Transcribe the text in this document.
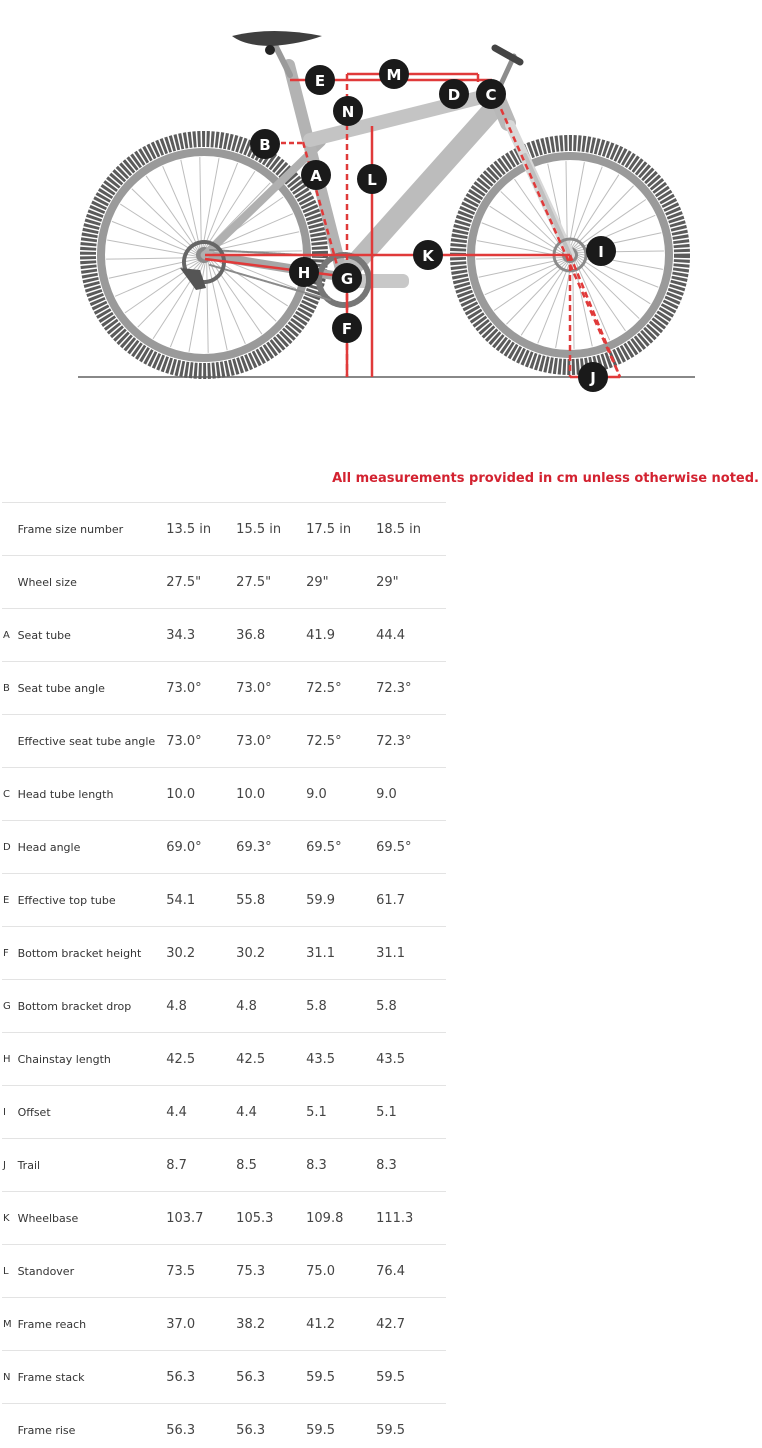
A
B
C
D
E
F
G
H
I
J
K
L
M
N
All measurements provided in cm unless otherwise noted.
Frame size number	13.5 in	15.5 in	17.5 in	18.5 in
Wheel size	27.5"	27.5"	29"	29"
A Seat tube	34.3	36.8	41.9	44.4
B Seat tube angle	73.0°	73.0°	72.5°	72.3°
Effective seat tube angle 73.0°	73.0°	72.5°	72.3°
C Head tube length	10.0	10.0	9.0	9.0
D Head angle	69.0°	69.3°	69.5°	69.5°
E Effective top tube	54.1	55.8	59.9	61.7
F Bottom bracket height	30.2	30.2	31.1	31.1
G Bottom bracket drop	4.8	4.8	5.8	5.8
H Chainstay length	42.5	42.5	43.5	43.5
I	Offset	4.4	4.4	5.1	5.1
J	Trail	8.7	8.5	8.3	8.3
K Wheelbase	103.7	105.3	109.8	111.3
L Standover	73.5	75.3	75.0	76.4
M Frame reach	37.0	38.2	41.2	42.7
N Frame stack	56.3	56.3	59.5	59.5
Frame rise	56.3	56.3	59.5	59.5
